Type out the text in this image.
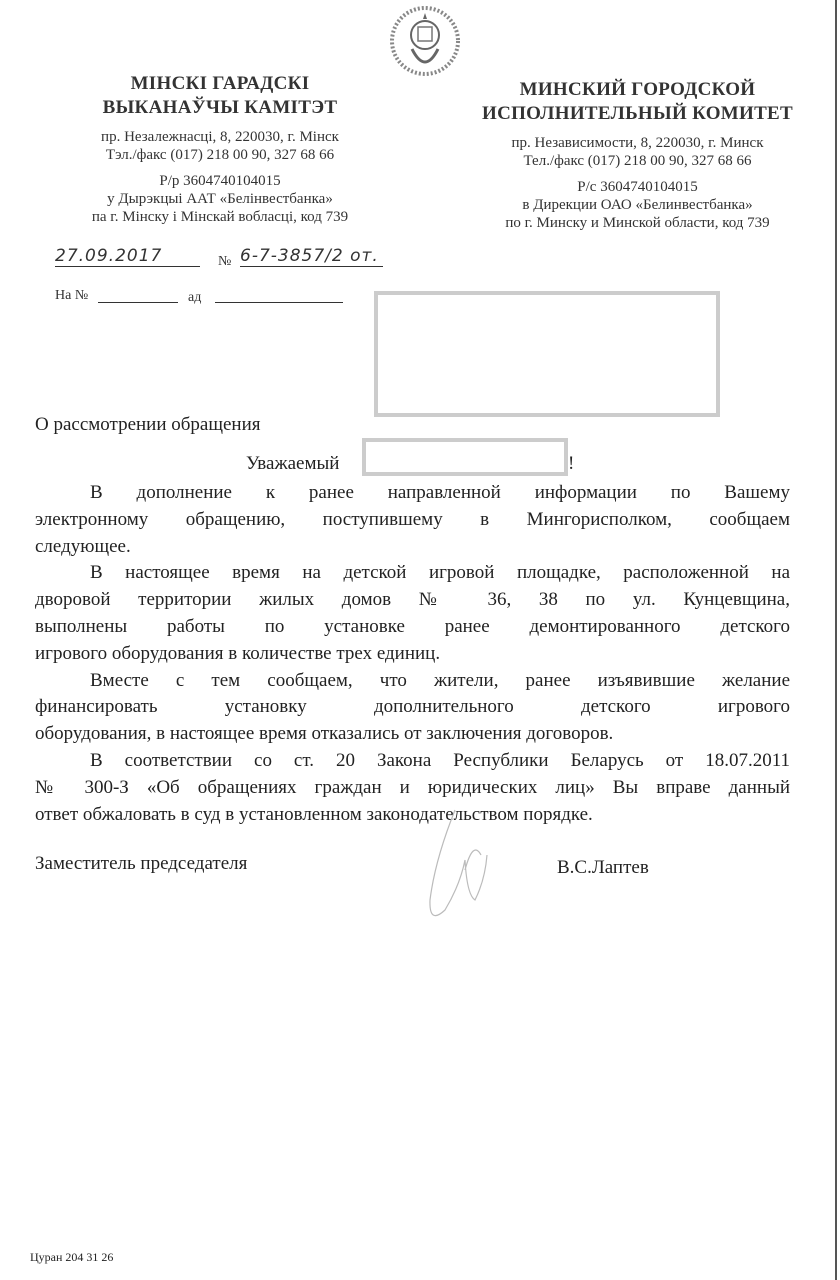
МІНСКІ ГАРАДСКІ
ВЫКАНАЎЧЫ КАМІТЭТ
пр. Незалежнасці, 8, 220030, г. Мінск
Тэл./факс (017) 218 00 90, 327 68 66
Р/р 3604740104015
у Дырэкцыі ААТ «Белінвестбанка»
па г. Мінску і Мінскай вобласці, код 739
МИНСКИЙ ГОРОДСКОЙ
ИСПОЛНИТЕЛЬНЫЙ КОМИТЕТ
пр. Независимости, 8, 220030, г. Минск
Тел./факс (017) 218 00 90, 327 68 66
Р/с 3604740104015
в Дирекции ОАО «Белинвестбанка»
по г. Минску и Минской области, код 739
27.09.2017	№ 6-7-3857/2 от.
На №	ад
О рассмотрении обращения
Уважаемый	!
В дополнение к ранее направленной информации по Вашему
электронному обращению, поступившему в Мингорисполком, сообщаем
следующее.
В настоящее время на детской игровой площадке, расположенной на
дворовой территории жилых домов № 36, 38 по ул. Кунцевщина,
выполнены работы по установке ранее демонтированного детского
игрового оборудования в количестве трех единиц.
Вместе с тем сообщаем, что жители, ранее изъявившие желание
финансировать установку дополнительного детского игрового
оборудования, в настоящее время отказались от заключения договоров.
В соответствии со ст. 20 Закона Республики Беларусь от 18.07.2011
№ 300-З «Об обращениях граждан и юридических лиц» Вы вправе данный
ответ обжаловать в суд в установленном законодательством порядке.
Заместитель председателя	В.С.Лаптев
Цуран 204 31 26
